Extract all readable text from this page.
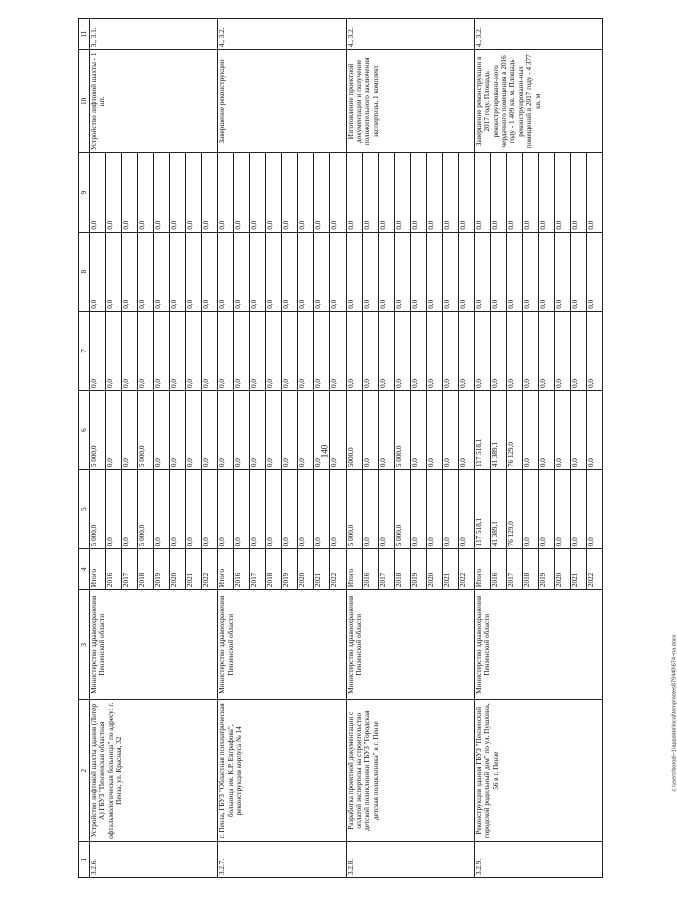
140
1	2	3	4	5	6	7	8	9	10	11
3.2.6.	Устройство лифтовой шахты здания (Литер А) ГБУЗ "Пензенская областная офтальмологическая больница" по адресу: г. Пенза, ул. Красная, 32	Министерство здравоохранения Пензенской области	Итого	5 000,0	5 000,0	0,0	0,0	0,0	Устройство лифтовой шахты - 1 шт.	3., 3.1.
			2016	0,0	0,0	0,0	0,0	0,0		
			2017	0,0	0,0	0,0	0,0	0,0		
			2018	5 000,0	5 000,0	0,0	0,0	0,0		
			2019	0,0	0,0	0,0	0,0	0,0		
			2020	0,0	0,0	0,0	0,0	0,0		
			2021	0,0	0,0	0,0	0,0	0,0		
			2022	0,0	0,0	0,0	0,0	0,0		
3.2.7.	г. Пенза, ГБУЗ "Областная психиатрическая больница им. К.Р. Евграфова", реконструкция корпуса № 14	Министерство здравоохранения Пензенской области	Итого	0,0	0,0	0,0	0,0	0,0	Завершение реконструкции	4., 3.2.
			2016	0,0	0,0	0,0	0,0	0,0		
			2017	0,0	0,0	0,0	0,0	0,0		
			2018	0,0	0,0	0,0	0,0	0,0		
			2019	0,0	0,0	0,0	0,0	0,0		
			2020	0,0	0,0	0,0	0,0	0,0		
			2021	0,0	0,0	0,0	0,0	0,0		
			2022	0,0	0,0	0,0	0,0	0,0		
3.2.8.	Разработка проектной документации с оплатой экспертизы на строительство детской поликлиники ГБУЗ "Городская детская поликлиника" в г. Пензе	Министерство здравоохранения Пензенской области	Итого	5 000,0	5000,0	0,0	0,0	0,0	Изготовление проектной документации и получение положительного заключения экспертизы, 1 комплект	4., 3.2.
			2016	0,0	0,0	0,0	0,0	0,0		
			2017	0,0	0,0	0,0	0,0	0,0		
			2018	5 000,0	5 000,0	0,0	0,0	0,0		
			2019	0,0	0,0	0,0	0,0	0,0		
			2020	0,0	0,0	0,0	0,0	0,0		
			2021	0,0	0,0	0,0	0,0	0,0		
			2022	0,0	0,0	0,0	0,0	0,0		
3.2.9.	Реконструкция здания ГБУЗ "Пензенский городской родильный дом" по ул. Пушкина, 56 в г. Пензе	Министерство здравоохранения Пензенской области	Итого	117 518,1	117 518,1	0,0	0,0	0,0	Завершение реконструкции в 2017 году. Площадь реконструировани-ного чердачного помещения в 2016 году - 1 409 кв. м. Площадь реконструировани-ных помещений в 2017 году - 4 377 кв. м	4., 3.2.
			2016	41 389,1	41 389,1	0,0	0,0	0,0		
			2017	76 129,0	76 129,0	0,0	0,0	0,0		
			2018	0,0	0,0	0,0	0,0	0,0		
			2019	0,0	0,0	0,0	0,0	0,0		
			2020	0,0	0,0	0,0	0,0	0,0		
			2021	0,0	0,0	0,0	0,0	0,0		
			2022	0,0	0,0	0,0	0,0	0,0		
c:\users\borodi~1\appdata\local\temp\notes879440\674~na.docx
